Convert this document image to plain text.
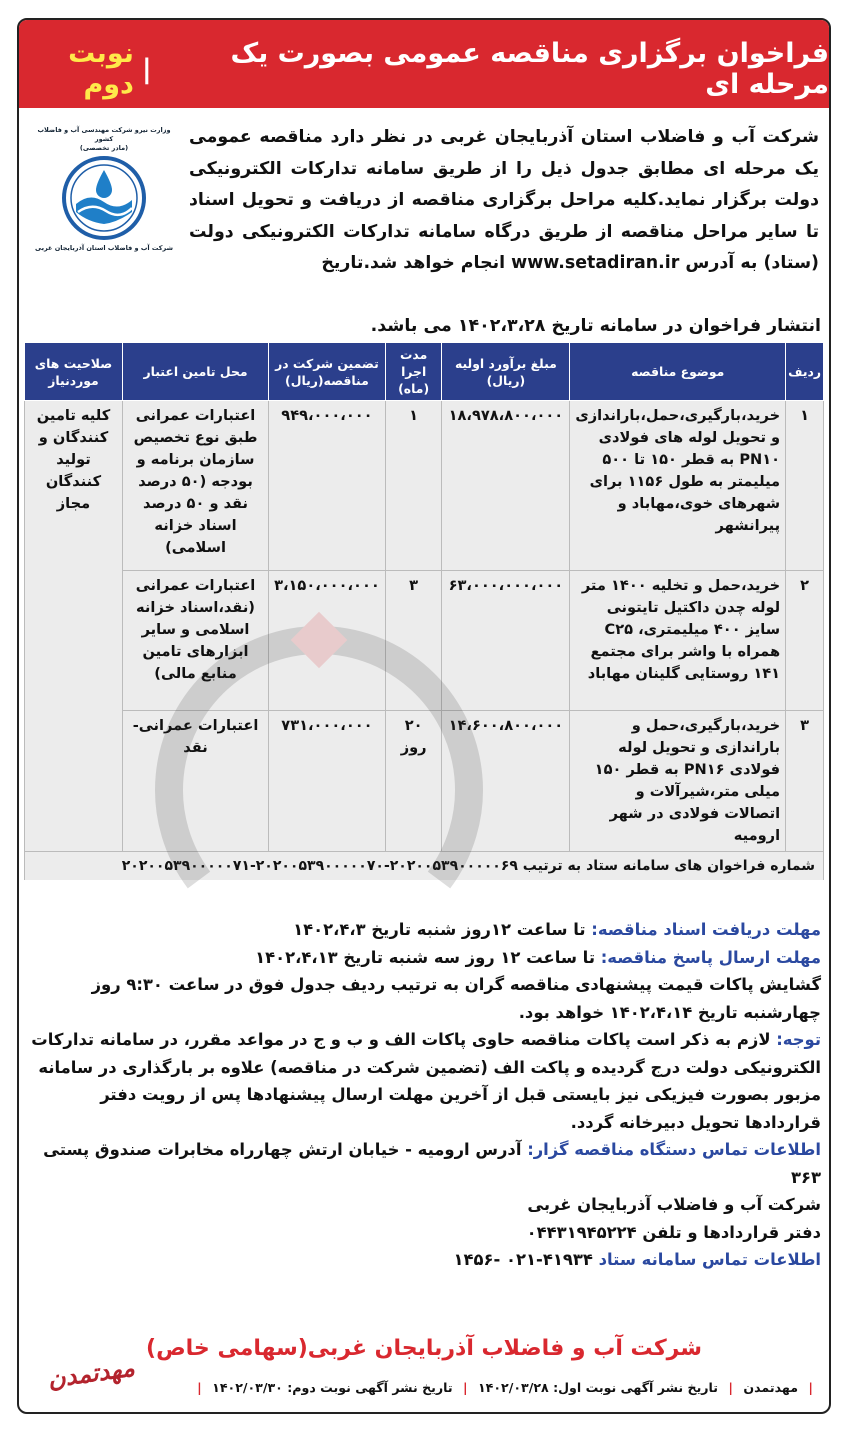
فراخوان برگزاری مناقصه عمومی بصورت یک مرحله ای
|
نوبت دوم
وزارت نیرو شرکت مهندسی آب و فاضلاب کشور
(مادر تخصصی)
شرکت آب و فاضلاب استان آذربایجان غربی
شرکت آب و فاضلاب استان آذربایجان غربی در نظر دارد مناقصه عمومی یک مرحله ای مطابق جدول ذیل را از طریق سامانه تدارکات الکترونیکی دولت برگزار نماید.کلیه مراحل برگزاری مناقصه از دریافت و تحویل اسناد تا سایر مراحل مناقصه از طریق درگاه سامانه تدارکات الکترونیکی دولت (ستاد) به آدرس www.setadiran.ir انجام خواهد شد.تاریخ
انتشار فراخوان در سامانه تاریخ ۱۴۰۲،۳،۲۸ می باشد.
ردیف	موضوع مناقصه	مبلغ برآورد اولیه (ریال)	مدت اجرا (ماه)	تضمین شرکت در مناقصه(ریال)	محل تامین اعتبار	صلاحیت های موردنیاز
۱	خرید،بارگیری،حمل،باراندازی و تحویل لوله های فولادی PN۱۰ به قطر ۱۵۰ تا ۵۰۰ میلیمتر به طول ۱۱۵۶ برای شهرهای خوی،مهاباد و پیرانشهر	۱۸،۹۷۸،۸۰۰،۰۰۰	۱	۹۴۹،۰۰۰،۰۰۰	اعتبارات عمرانی طبق نوع تخصیص سازمان برنامه و بودجه (۵۰ درصد نقد و ۵۰ درصد اسناد خزانه اسلامی)	کلیه تامین کنندگان و تولید کنندگان مجاز
۲	خرید،حمل و تخلیه ۱۴۰۰ متر لوله چدن داکتیل تایتونی سایز ۴۰۰ میلیمتری، C۲۵ همراه با واشر برای مجتمع ۱۴۱ روستایی گلینان مهاباد	۶۳،۰۰۰،۰۰۰،۰۰۰	۳	۳،۱۵۰،۰۰۰،۰۰۰	اعتبارات عمرانی (نقد،اسناد خزانه اسلامی و سایر ابزارهای تامین منابع مالی)	
۳	خرید،بارگیری،حمل و باراندازی و تحویل لوله فولادی PN۱۶ به قطر ۱۵۰ میلی متر،شیرآلات و اتصالات فولادی در شهر ارومیه	۱۴،۶۰۰،۸۰۰،۰۰۰	۲۰ روز	۷۳۱،۰۰۰،۰۰۰	اعتبارات عمرانی-نقد	
شماره فراخوان های سامانه ستاد به ترتیب ۲۰۲۰۰۵۳۹۰۰۰۰۰۶۹-۲۰۲۰۰۵۳۹۰۰۰۰۰۷۰-۲۰۲۰۰۵۳۹۰۰۰۰۰۷۱						
مهلت دریافت اسناد مناقصه: تا ساعت ۱۲روز شنبه تاریخ ۱۴۰۲،۴،۳
مهلت ارسال پاسخ مناقصه: تا ساعت ۱۲ روز سه شنبه تاریخ ۱۴۰۲،۴،۱۳
گشایش پاکات قیمت پیشنهادی مناقصه گران به ترتیب ردیف جدول فوق در ساعت ۹:۳۰ روز چهارشنبه تاریخ ۱۴۰۲،۴،۱۴ خواهد بود.
توجه: لازم به ذکر است پاکات مناقصه حاوی پاکات الف و ب و ج در مواعد مقرر، در سامانه تدارکات الکترونیکی دولت درج گردیده و پاکت الف (تضمین شرکت در مناقصه) علاوه بر بارگذاری در سامانه مزبور بصورت فیزیکی نیز بایستی قبل از آخرین مهلت ارسال پیشنهادها پس از رویت دفتر قراردادها تحویل دبیرخانه گردد.
اطلاعات تماس دستگاه مناقصه گزار: آدرس ارومیه - خیابان ارتش چهارراه مخابرات صندوق پستی ۳۶۳
شرکت آب و فاضلاب آذربایجان غربی
دفتر قراردادها و تلفن ۰۴۴۳۱۹۴۵۲۲۴
اطلاعات تماس سامانه ستاد ۴۱۹۳۴-۰۲۱ -۱۴۵۶
شرکت آب و فاضلاب آذربایجان غربی(سهامی خاص)
| مهدتمدن | تاریخ نشر آگهی نوبت اول: ۱۴۰۲/۰۳/۲۸ | تاریخ نشر آگهی نوبت دوم: ۱۴۰۲/۰۳/۳۰ |
مهدتمدن
